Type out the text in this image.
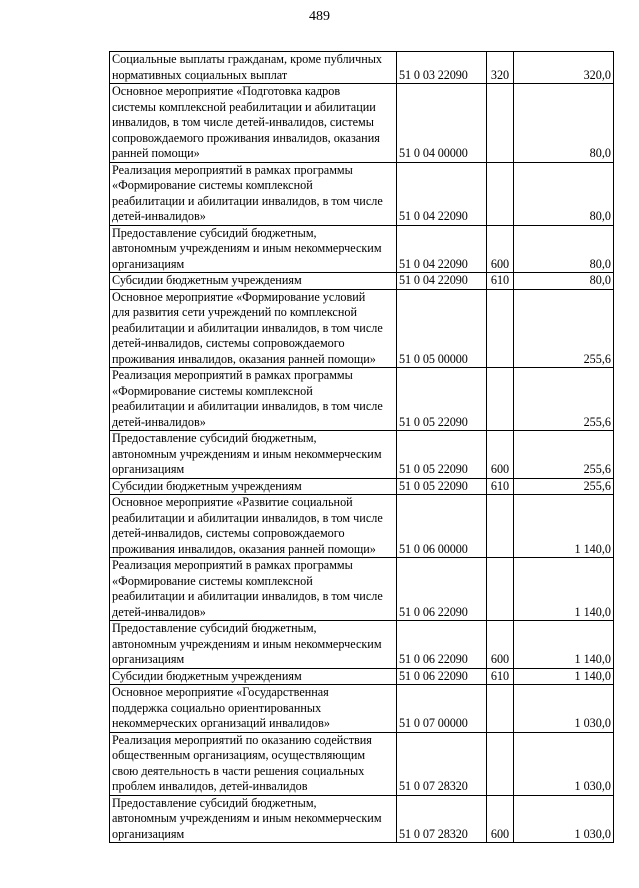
489
Социальные выплаты гражданам, кроме публичных
нормативных социальных выплат	51 0 03 22090	320	320,0
Основное мероприятие «Подготовка кадров
системы комплексной реабилитации и абилитации
инвалидов, в том числе детей-инвалидов, системы
сопровождаемого проживания инвалидов, оказания
ранней помощи»	51 0 04 00000		80,0
Реализация мероприятий в рамках программы
«Формирование системы комплексной
реабилитации и абилитации инвалидов, в том числе
детей-инвалидов»	51 0 04 22090		80,0
Предоставление субсидий бюджетным,
автономным учреждениям и иным некоммерческим
организациям	51 0 04 22090	600	80,0
Субсидии бюджетным учреждениям	51 0 04 22090	610	80,0
Основное мероприятие «Формирование условий
для развития сети учреждений по комплексной
реабилитации и абилитации инвалидов, в том числе
детей-инвалидов, системы сопровождаемого
проживания инвалидов, оказания ранней помощи»	51 0 05 00000		255,6
Реализация мероприятий в рамках программы
«Формирование системы комплексной
реабилитации и абилитации инвалидов, в том числе
детей-инвалидов»	51 0 05 22090		255,6
Предоставление субсидий бюджетным,
автономным учреждениям и иным некоммерческим
организациям	51 0 05 22090	600	255,6
Субсидии бюджетным учреждениям	51 0 05 22090	610	255,6
Основное мероприятие «Развитие социальной
реабилитации и абилитации инвалидов, в том числе
детей-инвалидов, системы сопровождаемого
проживания инвалидов, оказания ранней помощи»	51 0 06 00000		1 140,0
Реализация мероприятий в рамках программы
«Формирование системы комплексной
реабилитации и абилитации инвалидов, в том числе
детей-инвалидов»	51 0 06 22090		1 140,0
Предоставление субсидий бюджетным,
автономным учреждениям и иным некоммерческим
организациям	51 0 06 22090	600	1 140,0
Субсидии бюджетным учреждениям	51 0 06 22090	610	1 140,0
Основное мероприятие «Государственная
поддержка социально ориентированных
некоммерческих организаций инвалидов»	51 0 07 00000		1 030,0
Реализация мероприятий по оказанию содействия
общественным организациям, осуществляющим
свою деятельность в части решения социальных
проблем инвалидов, детей-инвалидов	51 0 07 28320		1 030,0
Предоставление субсидий бюджетным,
автономным учреждениям и иным некоммерческим
организациям	51 0 07 28320	600	1 030,0
